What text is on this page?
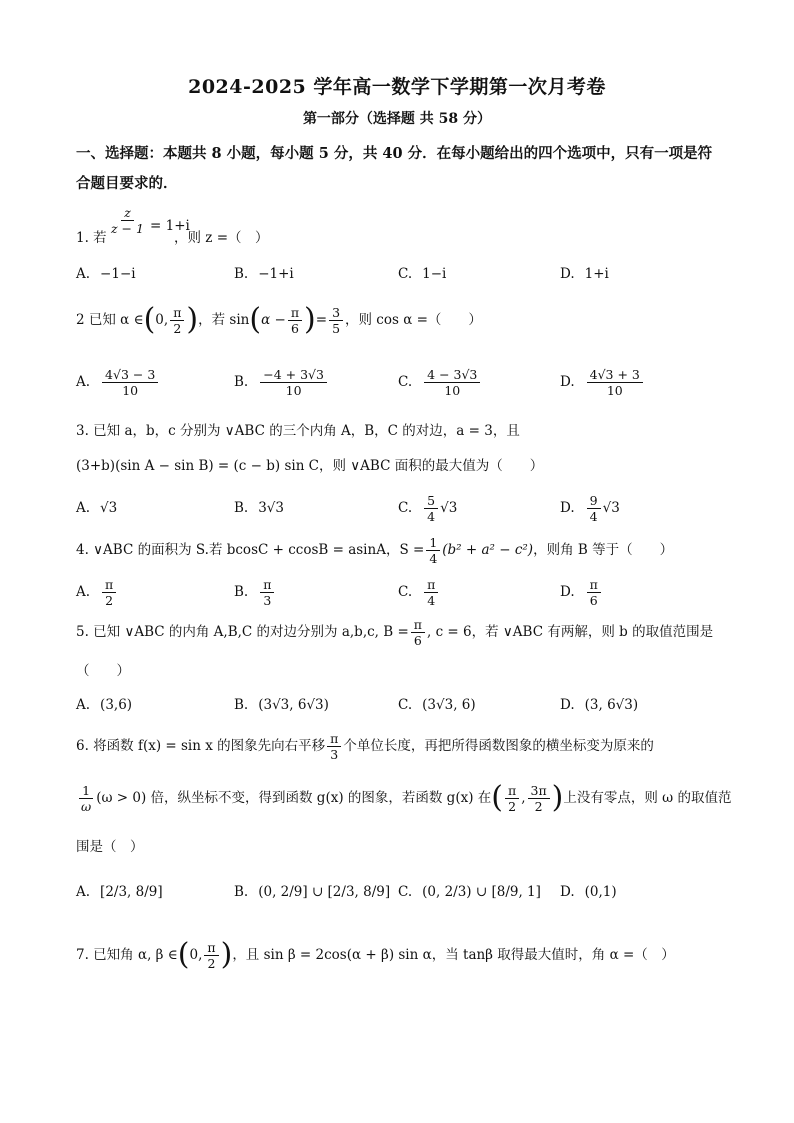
2024-2025 学年高一数学下学期第一次月考卷
第一部分（选择题 共 58 分）
一、选择题：本题共 8 小题，每小题 5 分，共 40 分．在每小题给出的四个选项中，只有一项是符合题目要求的．
1. 若
$\frac{z}{z - 1} = 1+i$
，则 z =（　）
A. −1−i	B. −1+i	C. 1−i	D. 1+i
2 已知 α ∈ ( 0, $\frac{\pi}{2}$ ) ，若 sin ( $\alpha - \frac{\pi}{6}$ ) = $\frac{3}{5}$ ，则 cos α =（　　）
A. $\frac{4√3 - 3}{10}$	B. $\frac{-4 + 3√3}{10}$	C. $\frac{4 - 3√3}{10}$	D. $\frac{4√3 + 3}{10}$
3. 已知 a，b，c 分别为 ∨ABC 的三个内角 A，B，C 的对边，a = 3，且
(3+b)(sin A − sin B) = (c − b) sin C，则 ∨ABC 面积的最大值为（　　）
A. √3	B. 3√3	C. $\frac{5}{4} √3$	D. $\frac{9}{4} √3$
4. ∨ABC 的面积为 S.若 bcosC + ccosB = asinA，$S = \frac{1}{4} (b^2 + a^2 - c^2)$ ，则角 B 等于（　　）
A. $\frac{\pi}{2}$	B. $\frac{\pi}{3}$	C. $\frac{\pi}{4}$	D. $\frac{\pi}{6}$
5. 已知 ∨ABC 的内角 A,B,C 的对边分别为 a,b,c, $B = \frac{\pi}{6}$ , c = 6，若 ∨ABC 有两解，则 b 的取值范围是
（　　）
A. (3,6)	B. (3√3, 6√3)	C. (3√3, 6)	D. (3, 6√3)
6. 将函数 f(x) = sin x 的图象先向右平移 $\frac{\pi}{3}$ 个单位长度，再把所得函数图象的横坐标变为原来的
$\frac{1}{\omega} (\omega > 0)$ 倍，纵坐标不变，得到函数 g(x) 的图象，若函数 g(x) 在 ( $\frac{\pi}{2}$ , $\frac{3\pi}{2}$ ) 上没有零点，则 ω 的取值范
围是（　）
A. [2/3, 8/9]	B. (0, 2/9] ∪ [2/3, 8/9] C. (0, 2/3) ∪ [8/9, 1] D. (0,1)
7. 已知角 α, β ∈ ( 0, $\frac{\pi}{2}$ ) ，且 sin β = 2cos(α + β) sin α，当 tanβ 取得最大值时，角 α =（　）
